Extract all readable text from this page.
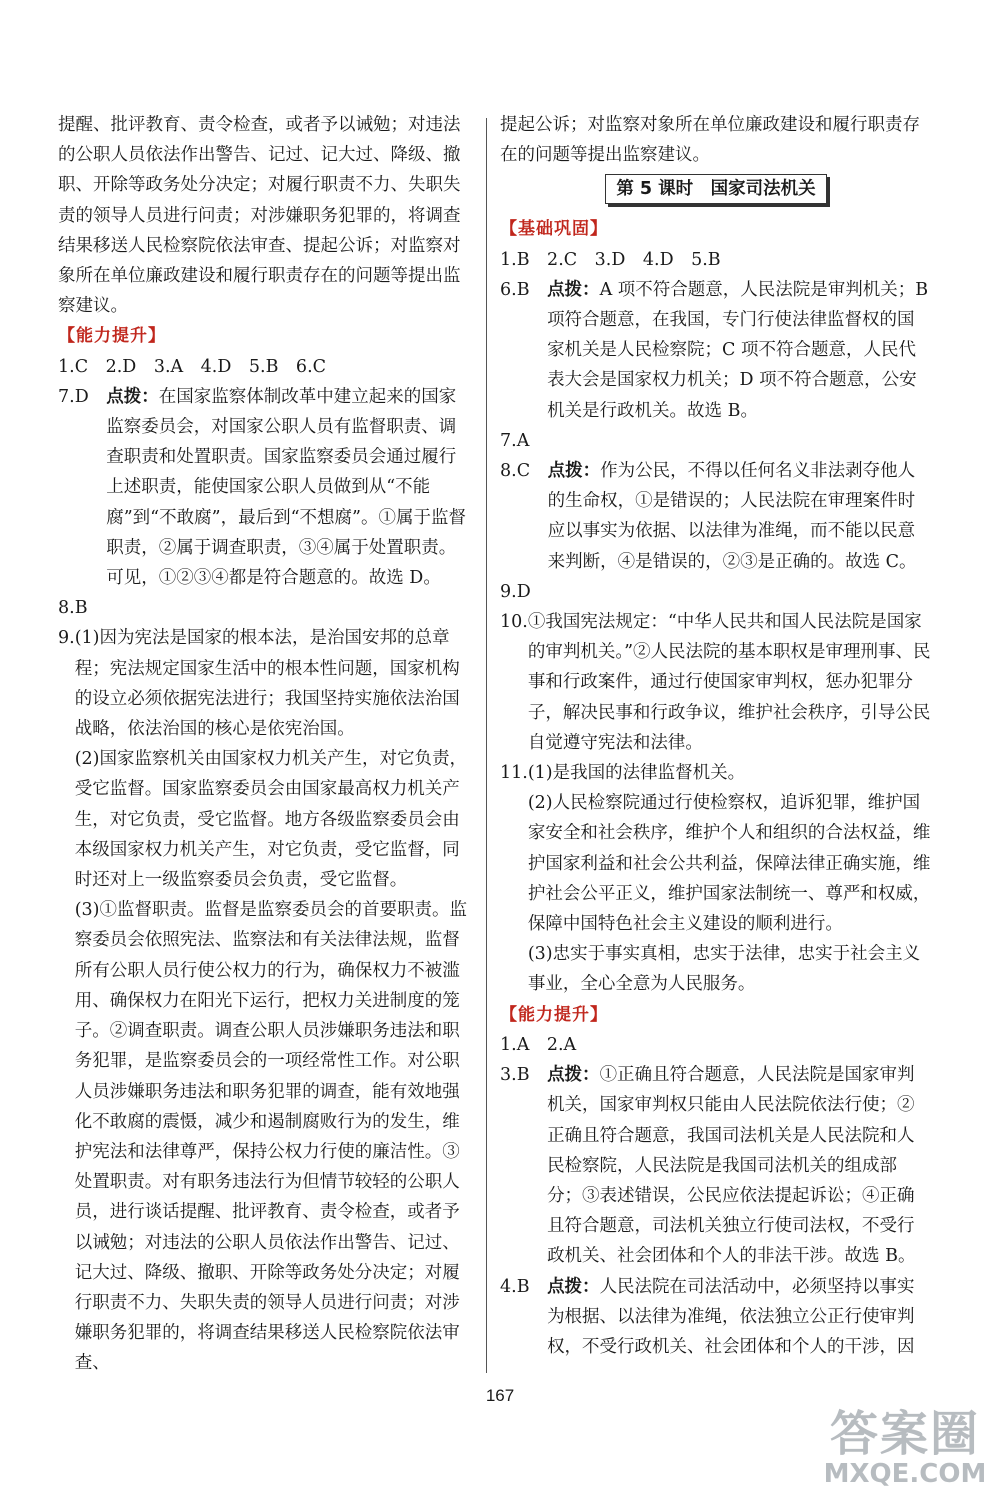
提醒、批评教育、责令检查，或者予以诫勉；对违法的公职人员依法作出警告、记过、记大过、降级、撤职、开除等政务处分决定；对履行职责不力、失职失责的领导人员进行问责；对涉嫌职务犯罪的，将调查结果移送人民检察院依法审查、提起公诉；对监察对象所在单位廉政建设和履行职责存在的问题等提出监察建议。
【能力提升】
1.C　2.D　3.A　4.D　5.B　6.C
7.D　 点拨：在国家监察体制改革中建立起来的国家监察委员会，对国家公职人员有监督职责、调查职责和处置职责。国家监察委员会通过履行上述职责，能使国家公职人员做到从“不能腐”到“不敢腐”，最后到“不想腐”。①属于监督职责，②属于调查职责，③④属于处置职责。可见，①②③④都是符合题意的。故选 D。
8.B
9. (1)因为宪法是国家的根本法，是治国安邦的总章程；宪法规定国家生活中的根本性问题，国家机构的设立必须依据宪法进行；我国坚持实施依法治国战略，依法治国的核心是依宪治国。
(2)国家监察机关由国家权力机关产生，对它负责，受它监督。国家监察委员会由国家最高权力机关产生，对它负责，受它监督。地方各级监察委员会由本级国家权力机关产生，对它负责，受它监督，同时还对上一级监察委员会负责，受它监督。
(3)①监督职责。监督是监察委员会的首要职责。监察委员会依照宪法、监察法和有关法律法规，监督所有公职人员行使公权力的行为，确保权力不被滥用、确保权力在阳光下运行，把权力关进制度的笼子。②调查职责。调查公职人员涉嫌职务违法和职务犯罪，是监察委员会的一项经常性工作。对公职人员涉嫌职务违法和职务犯罪的调查，能有效地强化不敢腐的震慑，减少和遏制腐败行为的发生，维护宪法和法律尊严，保持公权力行使的廉洁性。③处置职责。对有职务违法行为但情节较轻的公职人员，进行谈话提醒、批评教育、责令检查，或者予以诫勉；对违法的公职人员依法作出警告、记过、记大过、降级、撤职、开除等政务处分决定；对履行职责不力、失职失责的领导人员进行问责；对涉嫌职务犯罪的，将调查结果移送人民检察院依法审查、
提起公诉；对监察对象所在单位廉政建设和履行职责存在的问题等提出监察建议。
第 5 课时　国家司法机关
【基础巩固】
1.B　2.C　3.D　4.D　5.B
6.B　 点拨：A 项不符合题意，人民法院是审判机关；B 项符合题意，在我国，专门行使法律监督权的国家机关是人民检察院；C 项不符合题意，人民代表大会是国家权力机关；D 项不符合题意，公安机关是行政机关。故选 B。
7.A
8.C　 点拨：作为公民，不得以任何名义非法剥夺他人的生命权，①是错误的；人民法院在审理案件时应以事实为依据、以法律为准绳，而不能以民意来判断，④是错误的，②③是正确的。故选 C。
9.D
10. ①我国宪法规定：“中华人民共和国人民法院是国家的审判机关。”②人民法院的基本职权是审理刑事、民事和行政案件，通过行使国家审判权，惩办犯罪分子，解决民事和行政争议，维护社会秩序，引导公民自觉遵守宪法和法律。
11. (1)是我国的法律监督机关。
(2)人民检察院通过行使检察权，追诉犯罪，维护国家安全和社会秩序，维护个人和组织的合法权益，维护国家利益和社会公共利益，保障法律正确实施，维护社会公平正义，维护国家法制统一、尊严和权威，保障中国特色社会主义建设的顺利进行。
(3)忠实于事实真相，忠实于法律，忠实于社会主义事业，全心全意为人民服务。
【能力提升】
1.A　2.A
3.B　 点拨：①正确且符合题意，人民法院是国家审判机关，国家审判权只能由人民法院依法行使；②正确且符合题意，我国司法机关是人民法院和人民检察院，人民法院是我国司法机关的组成部分；③表述错误，公民应依法提起诉讼；④正确且符合题意，司法机关独立行使司法权，不受行政机关、社会团体和个人的非法干涉。故选 B。
4.B　 点拨：人民法院在司法活动中，必须坚持以事实为根据、以法律为准绳，依法独立公正行使审判权，不受行政机关、社会团体和个人的干涉，因
167
答案圈
MXQE.COM
